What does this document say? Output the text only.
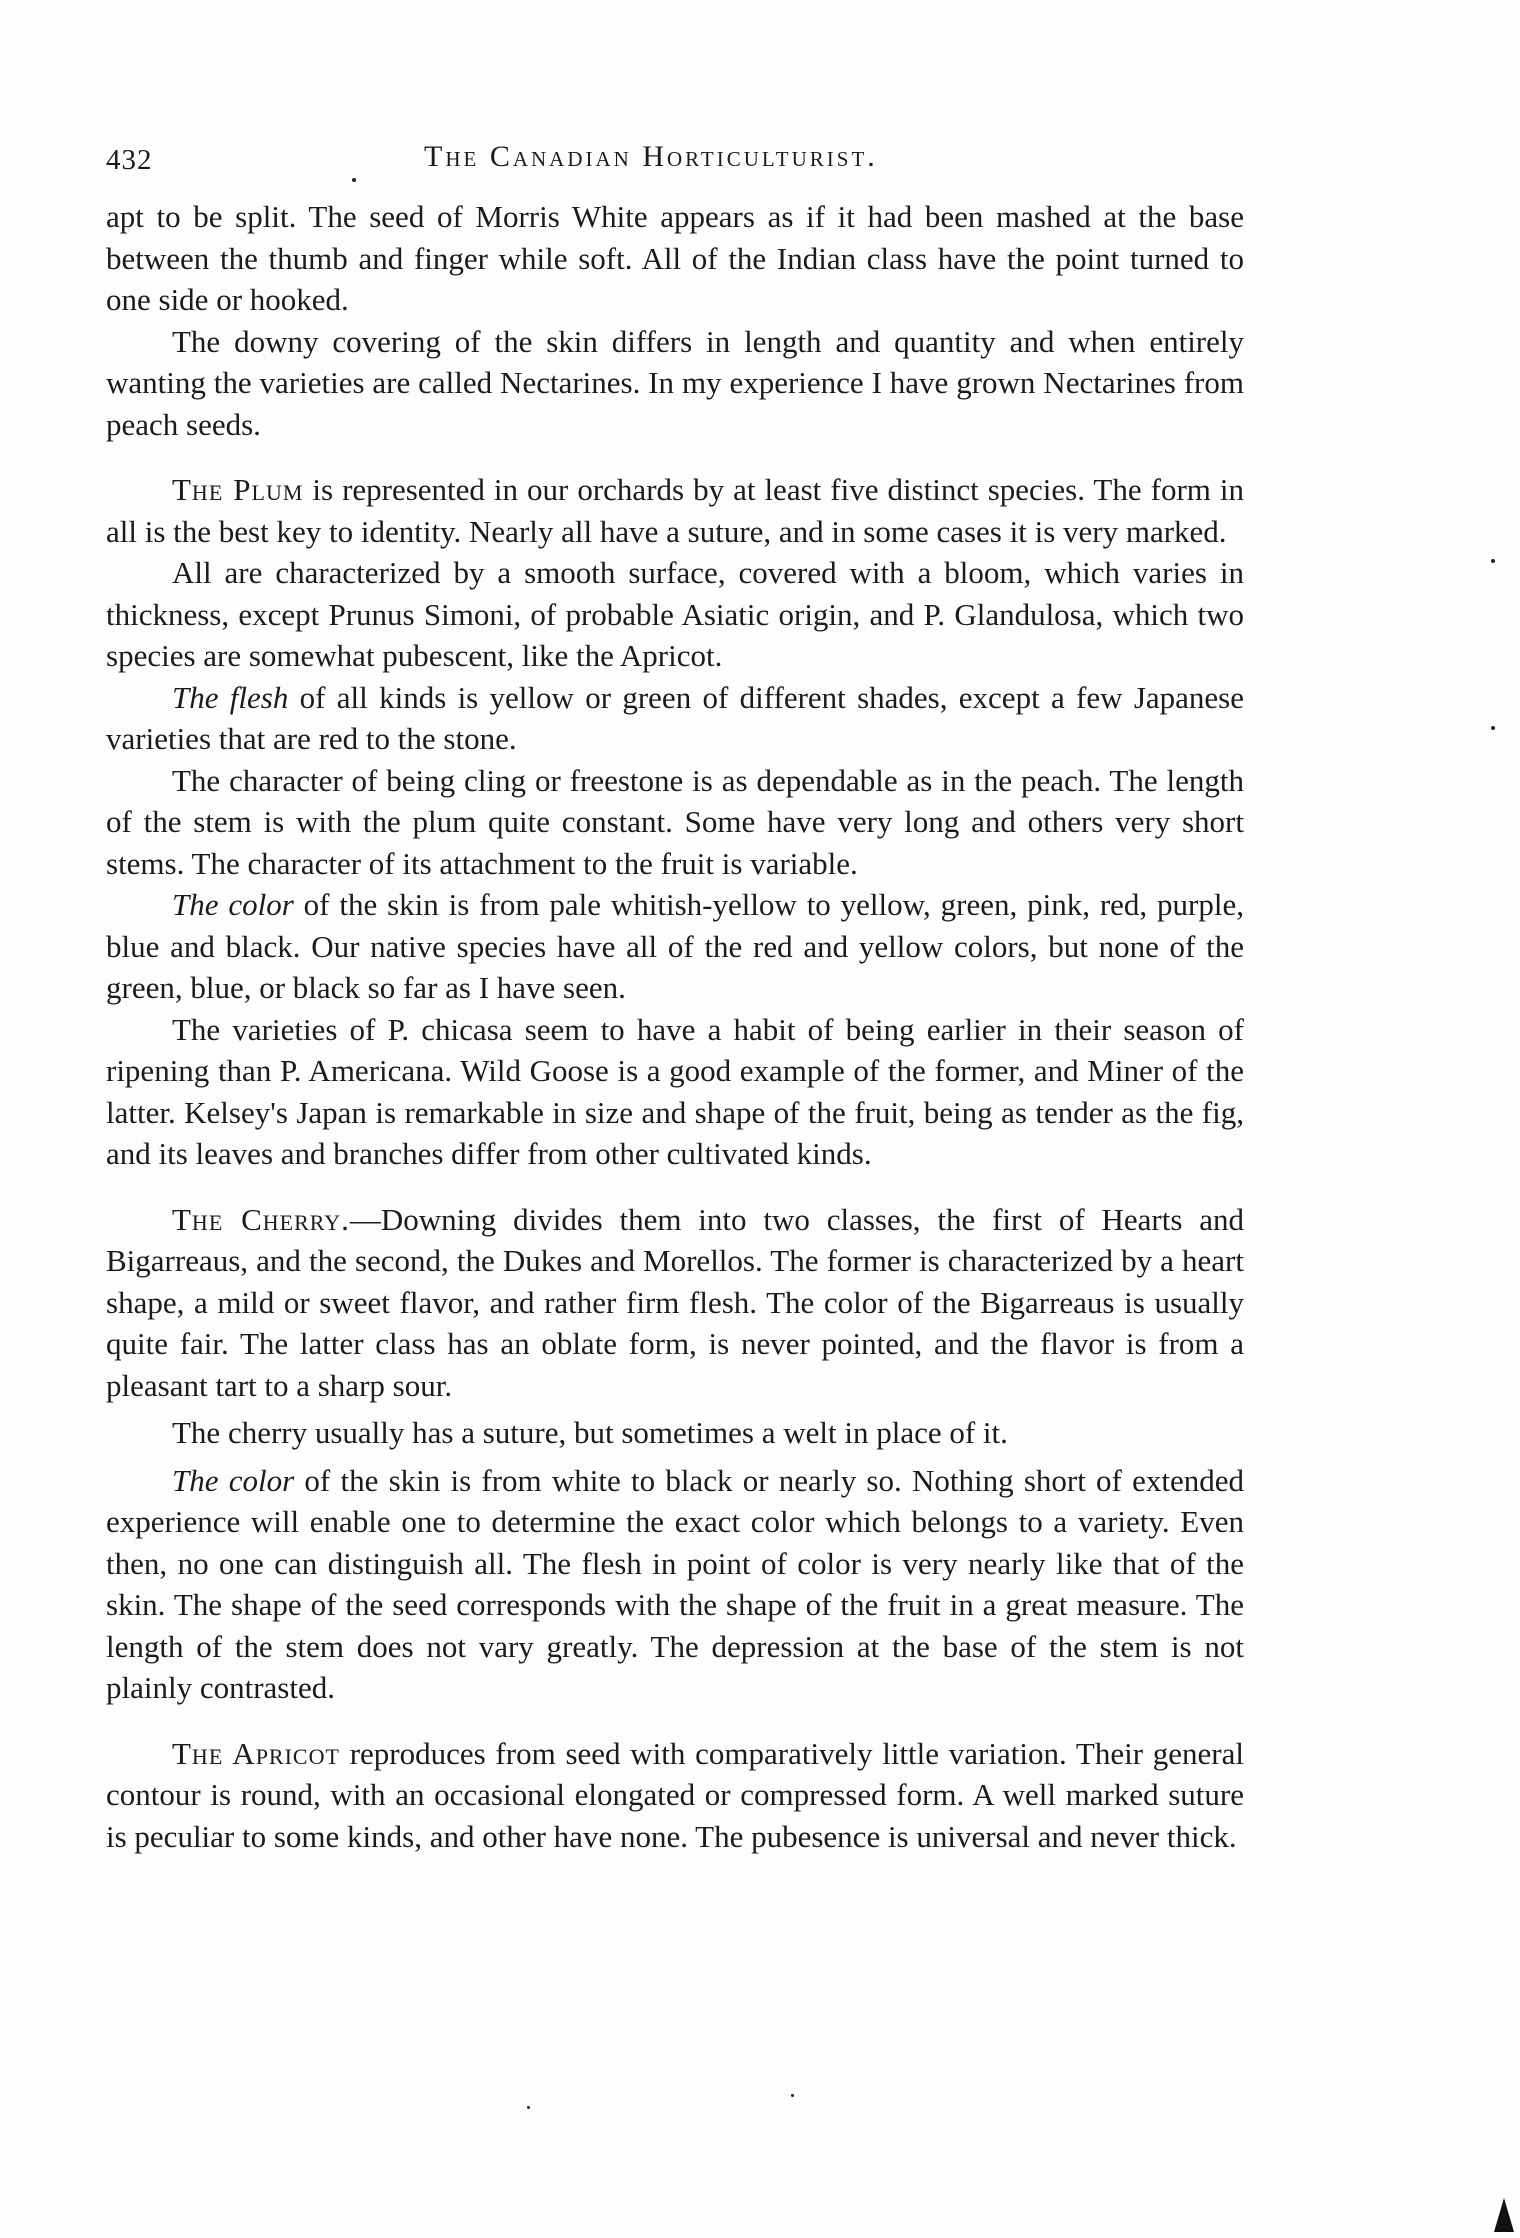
432	The Canadian Horticulturist.

apt to be split. The seed of Morris White appears as if it had been mashed at the base between the thumb and finger while soft. All of the Indian class have the point turned to one side or hooked.

The downy covering of the skin differs in length and quantity and when entirely wanting the varieties are called Nectarines. In my experience I have grown Nectarines from peach seeds.

The Plum is represented in our orchards by at least five distinct species. The form in all is the best key to identity. Nearly all have a suture, and in some cases it is very marked.

All are characterized by a smooth surface, covered with a bloom, which varies in thickness, except Prunus Simoni, of probable Asiatic origin, and P. Glandulosa, which two species are somewhat pubescent, like the Apricot.

The flesh of all kinds is yellow or green of different shades, except a few Japanese varieties that are red to the stone.

The character of being cling or freestone is as dependable as in the peach. The length of the stem is with the plum quite constant. Some have very long and others very short stems. The character of its attachment to the fruit is variable.

The color of the skin is from pale whitish-yellow to yellow, green, pink, red, purple, blue and black. Our native species have all of the red and yellow colors, but none of the green, blue, or black so far as I have seen.

The varieties of P. chicasa seem to have a habit of being earlier in their season of ripening than P. Americana. Wild Goose is a good example of the former, and Miner of the latter. Kelsey's Japan is remarkable in size and shape of the fruit, being as tender as the fig, and its leaves and branches differ from other cultivated kinds.

The Cherry.—Downing divides them into two classes, the first of Hearts and Bigarreaus, and the second, the Dukes and Morellos. The former is characterized by a heart shape, a mild or sweet flavor, and rather firm flesh. The color of the Bigarreaus is usually quite fair. The latter class has an oblate form, is never pointed, and the flavor is from a pleasant tart to a sharp sour.

The cherry usually has a suture, but sometimes a welt in place of it.

The color of the skin is from white to black or nearly so. Nothing short of extended experience will enable one to determine the exact color which belongs to a variety. Even then, no one can distinguish all. The flesh in point of color is very nearly like that of the skin. The shape of the seed corresponds with the shape of the fruit in a great measure. The length of the stem does not vary greatly. The depression at the base of the stem is not plainly contrasted.

The Apricot reproduces from seed with comparatively little variation. Their general contour is round, with an occasional elongated or compressed form. A well marked suture is peculiar to some kinds, and other have none. The pubesence is universal and never thick.
